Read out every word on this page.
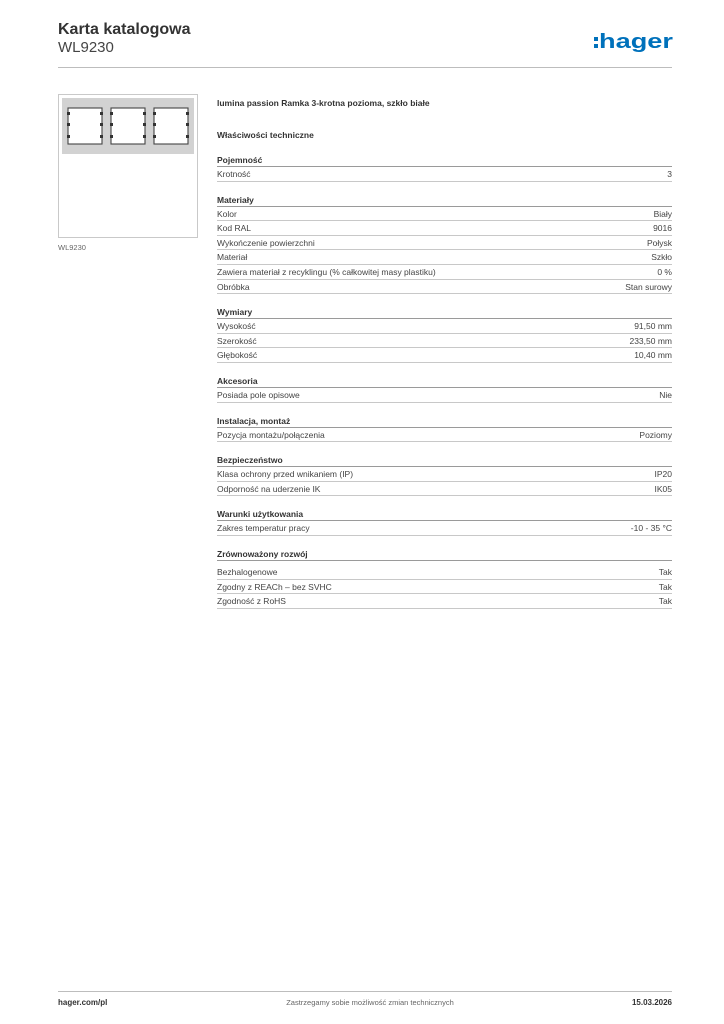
Karta katalogowa
WL9230	hager
WL9230
lumina passion Ramka 3-krotna pozioma, szkło białe
Właściwości techniczne
Pojemność
Krotność	3
Materiały
Kolor	Biały
Kod RAL	9016
Wykończenie powierzchni	Połysk
Materiał	Szkło
Zawiera materiał z recyklingu (% całkowitej masy plastiku)	0 %
Obróbka	Stan surowy
Wymiary
Wysokość	91,50 mm
Szerokość	233,50 mm
Głębokość	10,40 mm
Akcesoria
Posiada pole opisowe	Nie
Instalacja, montaż
Pozycja montażu/połączenia	Poziomy
Bezpieczeństwo
Klasa ochrony przed wnikaniem (IP)	IP20
Odporność na uderzenie IK	IK05
Warunki użytkowania
Zakres temperatur pracy	-10 - 35 °C
Zrównoważony rozwój
Bezhalogenowe	Tak
Zgodny z REACh – bez SVHC	Tak
Zgodność z RoHS	Tak
hager.com/pl	Zastrzegamy sobie możliwość zmian technicznych	15.03.2026
